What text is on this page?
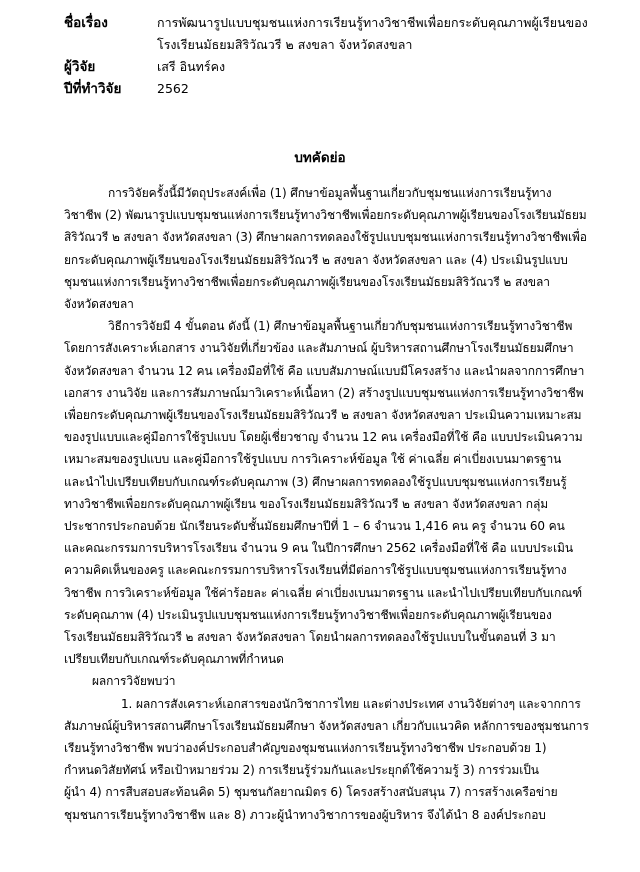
ชื่อเรื่อง	การพัฒนารูปแบบชุมชนแห่งการเรียนรู้ทางวิชาชีพเพื่อยกระดับคุณภาพผู้เรียนของ
โรงเรียนมัธยมสิริวัณวรี ๒ สงขลา จังหวัดสงขลา
ผู้วิจัย	เสรี อินทร์คง
ปีที่ทำวิจัย	2562
บทคัดย่อ
การวิจัยครั้งนี้มีวัตถุประสงค์เพื่อ (1) ศึกษาข้อมูลพื้นฐานเกี่ยวกับชุมชนแห่งการเรียนรู้ทาง
วิชาชีพ (2) พัฒนารูปแบบชุมชนแห่งการเรียนรู้ทางวิชาชีพเพื่อยกระดับคุณภาพผู้เรียนของโรงเรียนมัธยม
สิริวัณวรี ๒ สงขลา จังหวัดสงขลา (3) ศึกษาผลการทดลองใช้รูปแบบชุมชนแห่งการเรียนรู้ทางวิชาชีพเพื่อ
ยกระดับคุณภาพผู้เรียนของโรงเรียนมัธยมสิริวัณวรี ๒ สงขลา จังหวัดสงขลา และ (4) ประเมินรูปแบบ
ชุมชนแห่งการเรียนรู้ทางวิชาชีพเพื่อยกระดับคุณภาพผู้เรียนของโรงเรียนมัธยมสิริวัณวรี ๒ สงขลา
จังหวัดสงขลา
วิธีการวิจัยมี 4 ขั้นตอน ดังนี้ (1) ศึกษาข้อมูลพื้นฐานเกี่ยวกับชุมชนแห่งการเรียนรู้ทางวิชาชีพ
โดยการสังเคราะห์เอกสาร งานวิจัยที่เกี่ยวข้อง และสัมภาษณ์ ผู้บริหารสถานศึกษาโรงเรียนมัธยมศึกษา
จังหวัดสงขลา จำนวน 12 คน เครื่องมือที่ใช้ คือ แบบสัมภาษณ์แบบมีโครงสร้าง และนำผลจากการศึกษา
เอกสาร งานวิจัย และการสัมภาษณ์มาวิเคราะห์เนื้อหา (2) สร้างรูปแบบชุมชนแห่งการเรียนรู้ทางวิชาชีพ
เพื่อยกระดับคุณภาพผู้เรียนของโรงเรียนมัธยมสิริวัณวรี ๒ สงขลา จังหวัดสงขลา ประเมินความเหมาะสม
ของรูปแบบและคู่มือการใช้รูปแบบ โดยผู้เชี่ยวชาญ จำนวน 12 คน เครื่องมือที่ใช้ คือ แบบประเมินความ
เหมาะสมของรูปแบบ และคู่มือการใช้รูปแบบ การวิเคราะห์ข้อมูล ใช้ ค่าเฉลี่ย ค่าเบี่ยงเบนมาตรฐาน
และนำไปเปรียบเทียบกับเกณฑ์ระดับคุณภาพ (3) ศึกษาผลการทดลองใช้รูปแบบชุมชนแห่งการเรียนรู้
ทางวิชาชีพเพื่อยกระดับคุณภาพผู้เรียน ของโรงเรียนมัธยมสิริวัณวรี ๒ สงขลา จังหวัดสงขลา กลุ่ม
ประชากรประกอบด้วย นักเรียนระดับชั้นมัธยมศึกษาปีที่ 1 – 6 จำนวน 1,416 คน ครู จำนวน 60 คน
และคณะกรรมการบริหารโรงเรียน จำนวน 9 คน ในปีการศึกษา 2562 เครื่องมือที่ใช้ คือ แบบประเมิน
ความคิดเห็นของครู และคณะกรรมการบริหารโรงเรียนที่มีต่อการใช้รูปแบบชุมชนแห่งการเรียนรู้ทาง
วิชาชีพ การวิเคราะห์ข้อมูล ใช้ค่าร้อยละ ค่าเฉลี่ย ค่าเบี่ยงเบนมาตรฐาน และนำไปเปรียบเทียบกับเกณฑ์
ระดับคุณภาพ (4) ประเมินรูปแบบชุมชนแห่งการเรียนรู้ทางวิชาชีพเพื่อยกระดับคุณภาพผู้เรียนของ
โรงเรียนมัธยมสิริวัณวรี ๒ สงขลา จังหวัดสงขลา โดยนำผลการทดลองใช้รูปแบบในขั้นตอนที่ 3 มา
เปรียบเทียบกับเกณฑ์ระดับคุณภาพที่กำหนด
ผลการวิจัยพบว่า
1. ผลการสังเคราะห์เอกสารของนักวิชาการไทย และต่างประเทศ งานวิจัยต่างๆ และจากการ
สัมภาษณ์ผู้บริหารสถานศึกษาโรงเรียนมัธยมศึกษา จังหวัดสงขลา เกี่ยวกับแนวคิด หลักการของชุมชนการ
เรียนรู้ทางวิชาชีพ พบว่าองค์ประกอบสำคัญของชุมชนแห่งการเรียนรู้ทางวิชาชีพ ประกอบด้วย 1)
กำหนดวิสัยทัศน์ หรือเป้าหมายร่วม 2) การเรียนรู้ร่วมกันและประยุกต์ใช้ความรู้ 3) การร่วมเป็น
ผู้นำ 4) การสืบสอบสะท้อนคิด 5) ชุมชนกัลยาณมิตร 6) โครงสร้างสนับสนุน 7) การสร้างเครือข่าย
ชุมชนการเรียนรู้ทางวิชาชีพ และ 8) ภาวะผู้นำทางวิชาการของผู้บริหาร จึงได้นำ 8 องค์ประกอบ
